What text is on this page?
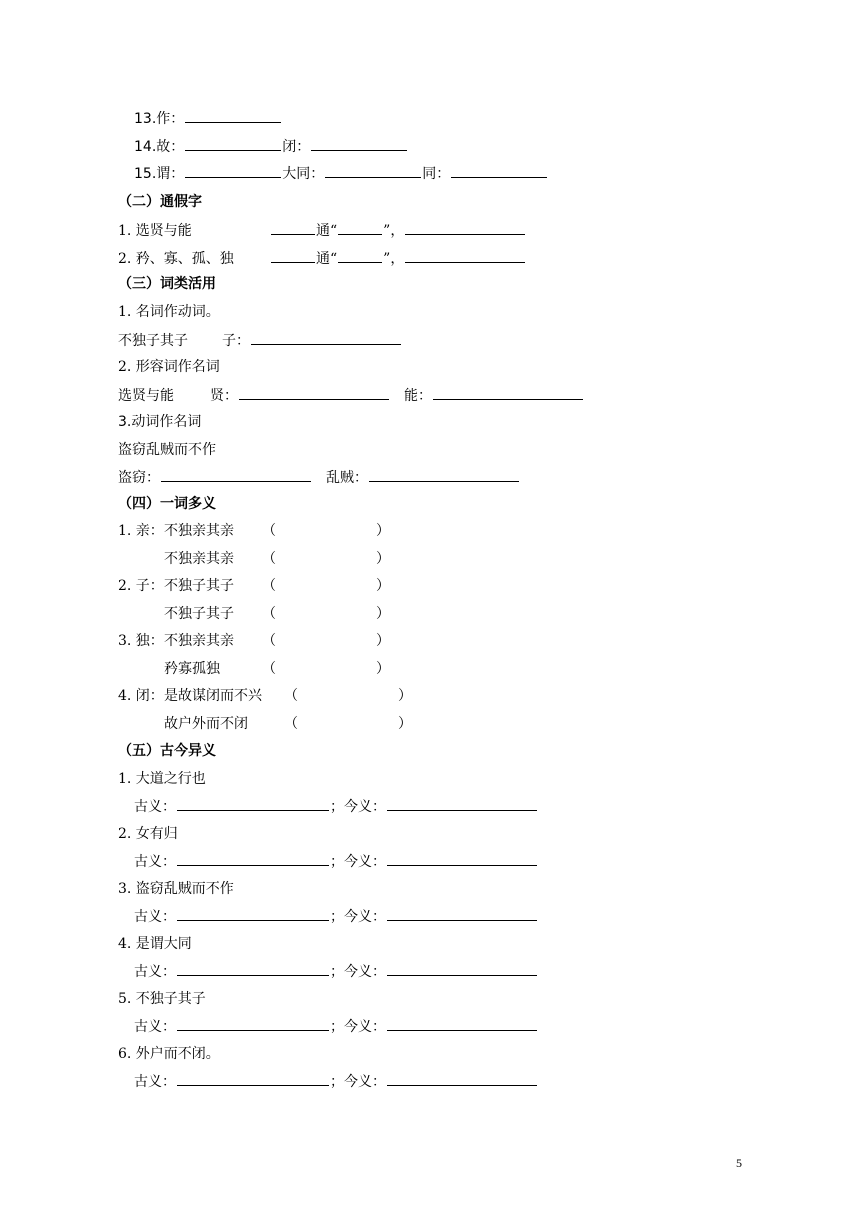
13.作：
14.故：	闭：
15.谓：	大同：	同：
（二）通假字
1. 选贤与能	通“	”，
2. 矜、寡、孤、独	通“	”，
（三）词类活用
1. 名词作动词。
不独子其子 子：
2. 形容词作名词
选贤与能	贤：	能：
3.动词作名词
盗窃乱贼而不作
盗窃：	乱贼：
（四）一词多义
1. 亲：不独亲其亲 （	）
不独亲其亲 （	）
2. 子：不独子其子 （	）
不独子其子 （	）
3. 独：不独亲其亲 （	）
矜寡孤独	（	）
4. 闭：是故谋闭而不兴 （	）
故户外而不闭	（	）
（五）古今异义
1. 大道之行也
古义：	；今义：
2. 女有归
古义：	；今义：
3. 盗窃乱贼而不作
古义：	；今义：
4. 是谓大同
古义：	；今义：
5. 不独子其子
古义：	；今义：
6. 外户而不闭。
古义：	；今义：
5
